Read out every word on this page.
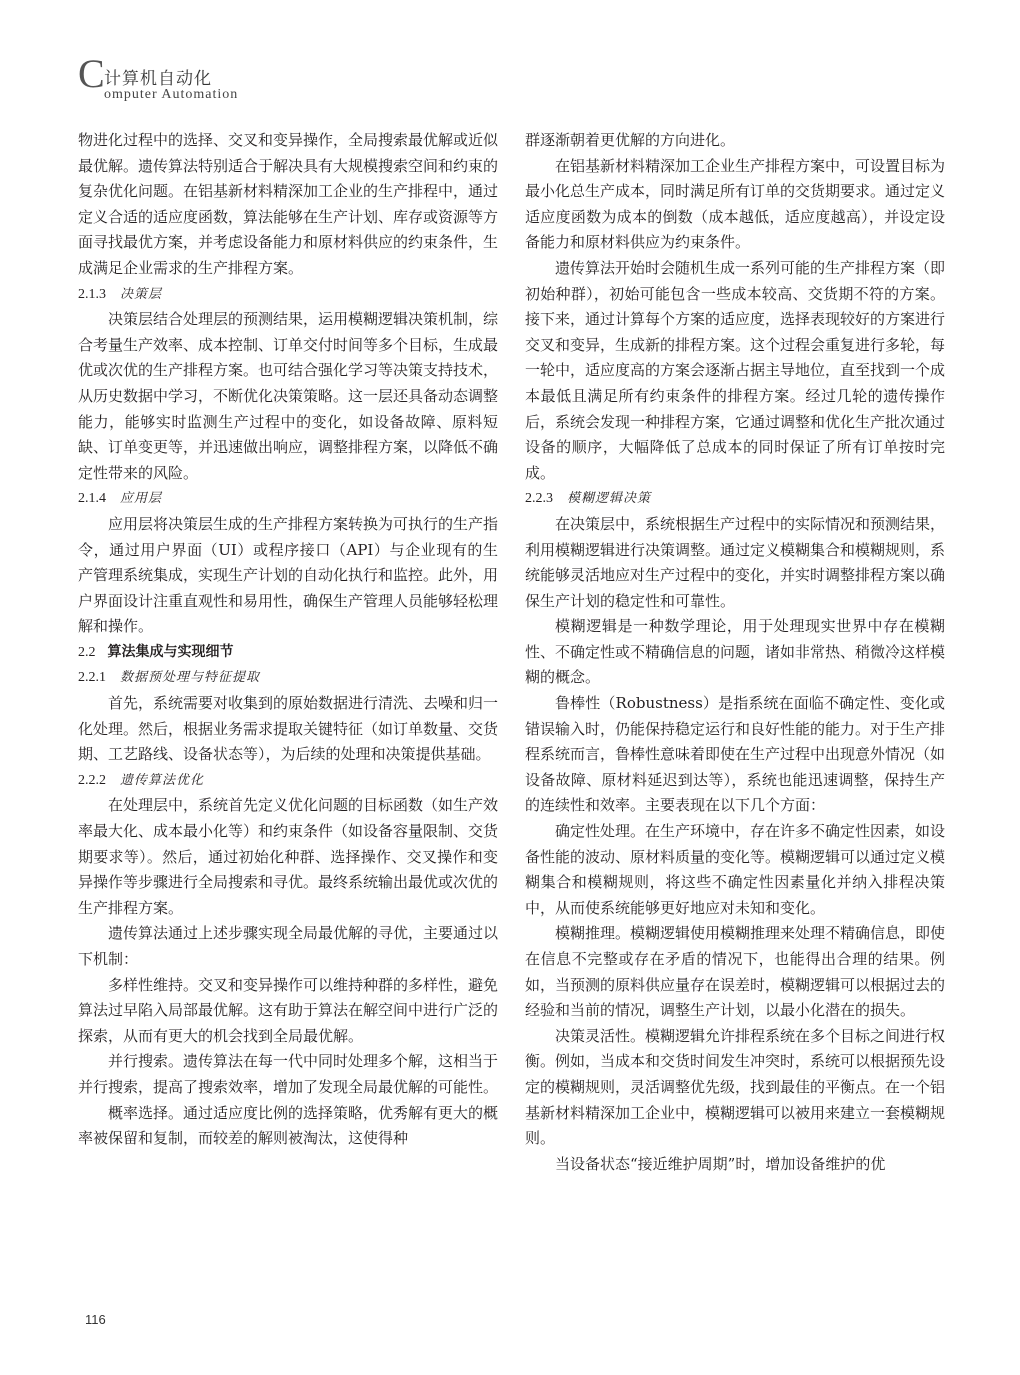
C 计算机自动化
omputer Automation

物进化过程中的选择、交叉和变异操作，全局搜索最优解或近似最优解。遗传算法特别适合于解决具有大规模搜索空间和约束的复杂优化问题。在铝基新材料精深加工企业的生产排程中，通过定义合适的适应度函数，算法能够在生产计划、库存或资源等方面寻找最优方案，并考虑设备能力和原材料供应的约束条件，生成满足企业需求的生产排程方案。

2.1.3 决策层

决策层结合处理层的预测结果，运用模糊逻辑决策机制，综合考量生产效率、成本控制、订单交付时间等多个目标，生成最优或次优的生产排程方案。也可结合强化学习等决策支持技术，从历史数据中学习，不断优化决策策略。这一层还具备动态调整能力，能够实时监测生产过程中的变化，如设备故障、原料短缺、订单变更等，并迅速做出响应，调整排程方案，以降低不确定性带来的风险。

2.1.4 应用层

应用层将决策层生成的生产排程方案转换为可执行的生产指令，通过用户界面（UI）或程序接口（API）与企业现有的生产管理系统集成，实现生产计划的自动化执行和监控。此外，用户界面设计注重直观性和易用性，确保生产管理人员能够轻松理解和操作。

2.2 算法集成与实现细节
2.2.1 数据预处理与特征提取

首先，系统需要对收集到的原始数据进行清洗、去噪和归一化处理。然后，根据业务需求提取关键特征（如订单数量、交货期、工艺路线、设备状态等），为后续的处理和决策提供基础。

2.2.2 遗传算法优化

在处理层中，系统首先定义优化问题的目标函数（如生产效率最大化、成本最小化等）和约束条件（如设备容量限制、交货期要求等）。然后，通过初始化种群、选择操作、交叉操作和变异操作等步骤进行全局搜索和寻优。最终系统输出最优或次优的生产排程方案。

遗传算法通过上述步骤实现全局最优解的寻优，主要通过以下机制：

多样性维持。交叉和变异操作可以维持种群的多样性，避免算法过早陷入局部最优解。这有助于算法在解空间中进行广泛的探索，从而有更大的机会找到全局最优解。

并行搜索。遗传算法在每一代中同时处理多个解，这相当于并行搜索，提高了搜索效率，增加了发现全局最优解的可能性。

概率选择。通过适应度比例的选择策略，优秀解有更大的概率被保留和复制，而较差的解则被淘汰，这使得种

群逐渐朝着更优解的方向进化。

在铝基新材料精深加工企业生产排程方案中，可设置目标为最小化总生产成本，同时满足所有订单的交货期要求。通过定义适应度函数为成本的倒数（成本越低，适应度越高），并设定设备能力和原材料供应为约束条件。

遗传算法开始时会随机生成一系列可能的生产排程方案（即初始种群），初始可能包含一些成本较高、交货期不符的方案。接下来，通过计算每个方案的适应度，选择表现较好的方案进行交叉和变异，生成新的排程方案。这个过程会重复进行多轮，每一轮中，适应度高的方案会逐渐占据主导地位，直至找到一个成本最低且满足所有约束条件的排程方案。经过几轮的遗传操作后，系统会发现一种排程方案，它通过调整和优化生产批次通过设备的顺序，大幅降低了总成本的同时保证了所有订单按时完成。

2.2.3 模糊逻辑决策

在决策层中，系统根据生产过程中的实际情况和预测结果，利用模糊逻辑进行决策调整。通过定义模糊集合和模糊规则，系统能够灵活地应对生产过程中的变化，并实时调整排程方案以确保生产计划的稳定性和可靠性。

模糊逻辑是一种数学理论，用于处理现实世界中存在模糊性、不确定性或不精确信息的问题，诸如非常热、稍微冷这样模糊的概念。

鲁棒性（Robustness）是指系统在面临不确定性、变化或错误输入时，仍能保持稳定运行和良好性能的能力。对于生产排程系统而言，鲁棒性意味着即使在生产过程中出现意外情况（如设备故障、原材料延迟到达等），系统也能迅速调整，保持生产的连续性和效率。主要表现在以下几个方面：

确定性处理。在生产环境中，存在许多不确定性因素，如设备性能的波动、原材料质量的变化等。模糊逻辑可以通过定义模糊集合和模糊规则，将这些不确定性因素量化并纳入排程决策中，从而使系统能够更好地应对未知和变化。

模糊推理。模糊逻辑使用模糊推理来处理不精确信息，即使在信息不完整或存在矛盾的情况下，也能得出合理的结果。例如，当预测的原料供应量存在误差时，模糊逻辑可以根据过去的经验和当前的情况，调整生产计划，以最小化潜在的损失。

决策灵活性。模糊逻辑允许排程系统在多个目标之间进行权衡。例如，当成本和交货时间发生冲突时，系统可以根据预先设定的模糊规则，灵活调整优先级，找到最佳的平衡点。在一个铝基新材料精深加工企业中，模糊逻辑可以被用来建立一套模糊规则。

当设备状态“接近维护周期”时，增加设备维护的优

116
